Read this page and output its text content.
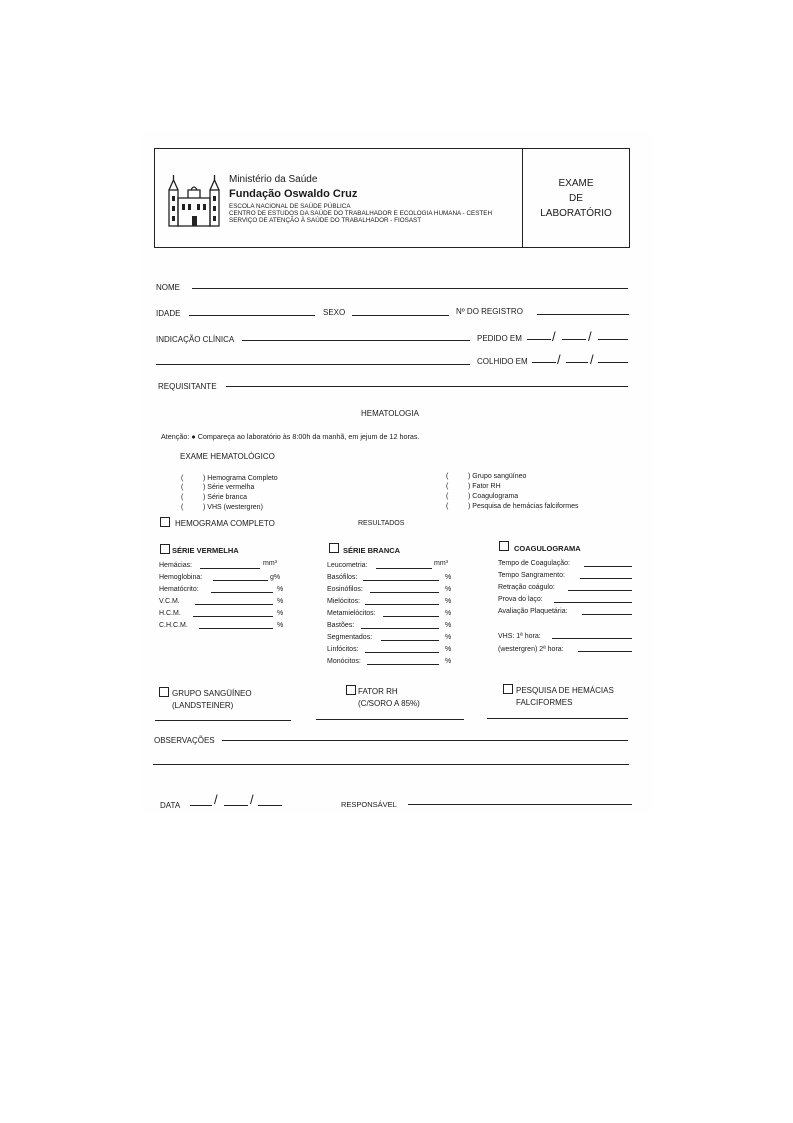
Ministério da Saúde
Fundação Oswaldo Cruz
ESCOLA NACIONAL DE SAÚDE PÚBLICA
CENTRO DE ESTUDOS DA SAÚDE DO TRABALHADOR E ECOLOGIA HUMANA - CESTEH
SERVIÇO DE ATENÇÃO À SAÚDE DO TRABALHADOR - FIOSAST
EXAME
DE
LABORATÓRIO
NOME
IDADE	SEXO	Nº DO REGISTRO
INDICAÇÃO CLÍNICA	PEDIDO EM / /
COLHIDO EM / /
REQUISITANTE
HEMATOLOGIA
Atenção: ● Compareça ao laboratório às 8:00h da manhã, em jejum de 12 horas.
EXAME HEMATOLÓGICO
(	) Hemograma Completo
(	) Série vermelha
(	) Série branca
(	) VHS (westergren)
(	) Grupo sangüíneo
(	) Fator RH
(	) Coagulograma
(	) Pesquisa de hemácias falciformes
HEMOGRAMA COMPLETO	RESULTADOS
SÉRIE VERMELHA
Hemácias:	mm³
Hemoglobina:	g%
Hematócrito:	%
V.C.M.	%
H.C.M.	%
C.H.C.M.	%
SÉRIE BRANCA
Leucometria:	mm³
Basófilos:	%
Eosinófilos:	%
Mielócitos:	%
Metamielócitos:	%
Bastões:	%
Segmentados:	%
Linfócitos:	%
Monócitos:	%
COAGULOGRAMA
Tempo de Coagulação:
Tempo Sangramento:
Retração coágulo:
Prova do laço:
Avaliação Plaquetária:
VHS: 1ª hora:
(westergren) 2ª hora:
GRUPO SANGÜÍNEO
(LANDSTEINER)
FATOR RH
(C/SORO A 85%)
PESQUISA DE HEMÁCIAS
FALCIFORMES
OBSERVAÇÕES
DATA	/ /	RESPONSÁVEL
